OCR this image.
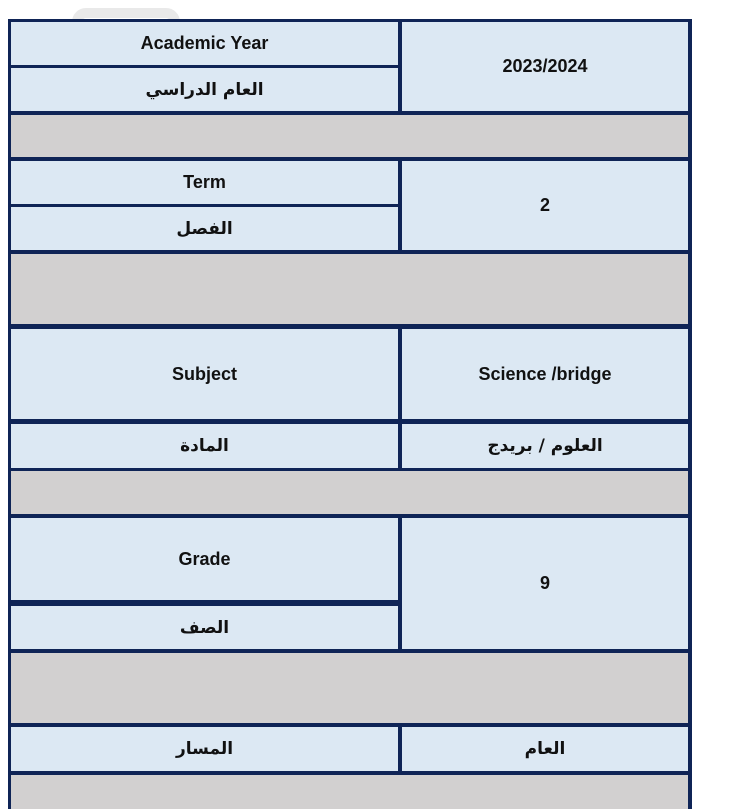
Academic Year
العام الدراسي
2023/2024
Term
الفصل
2
Subject	Science /bridge
المادة	العلوم / بريدج
Grade
الصف
9
المسار	العام
